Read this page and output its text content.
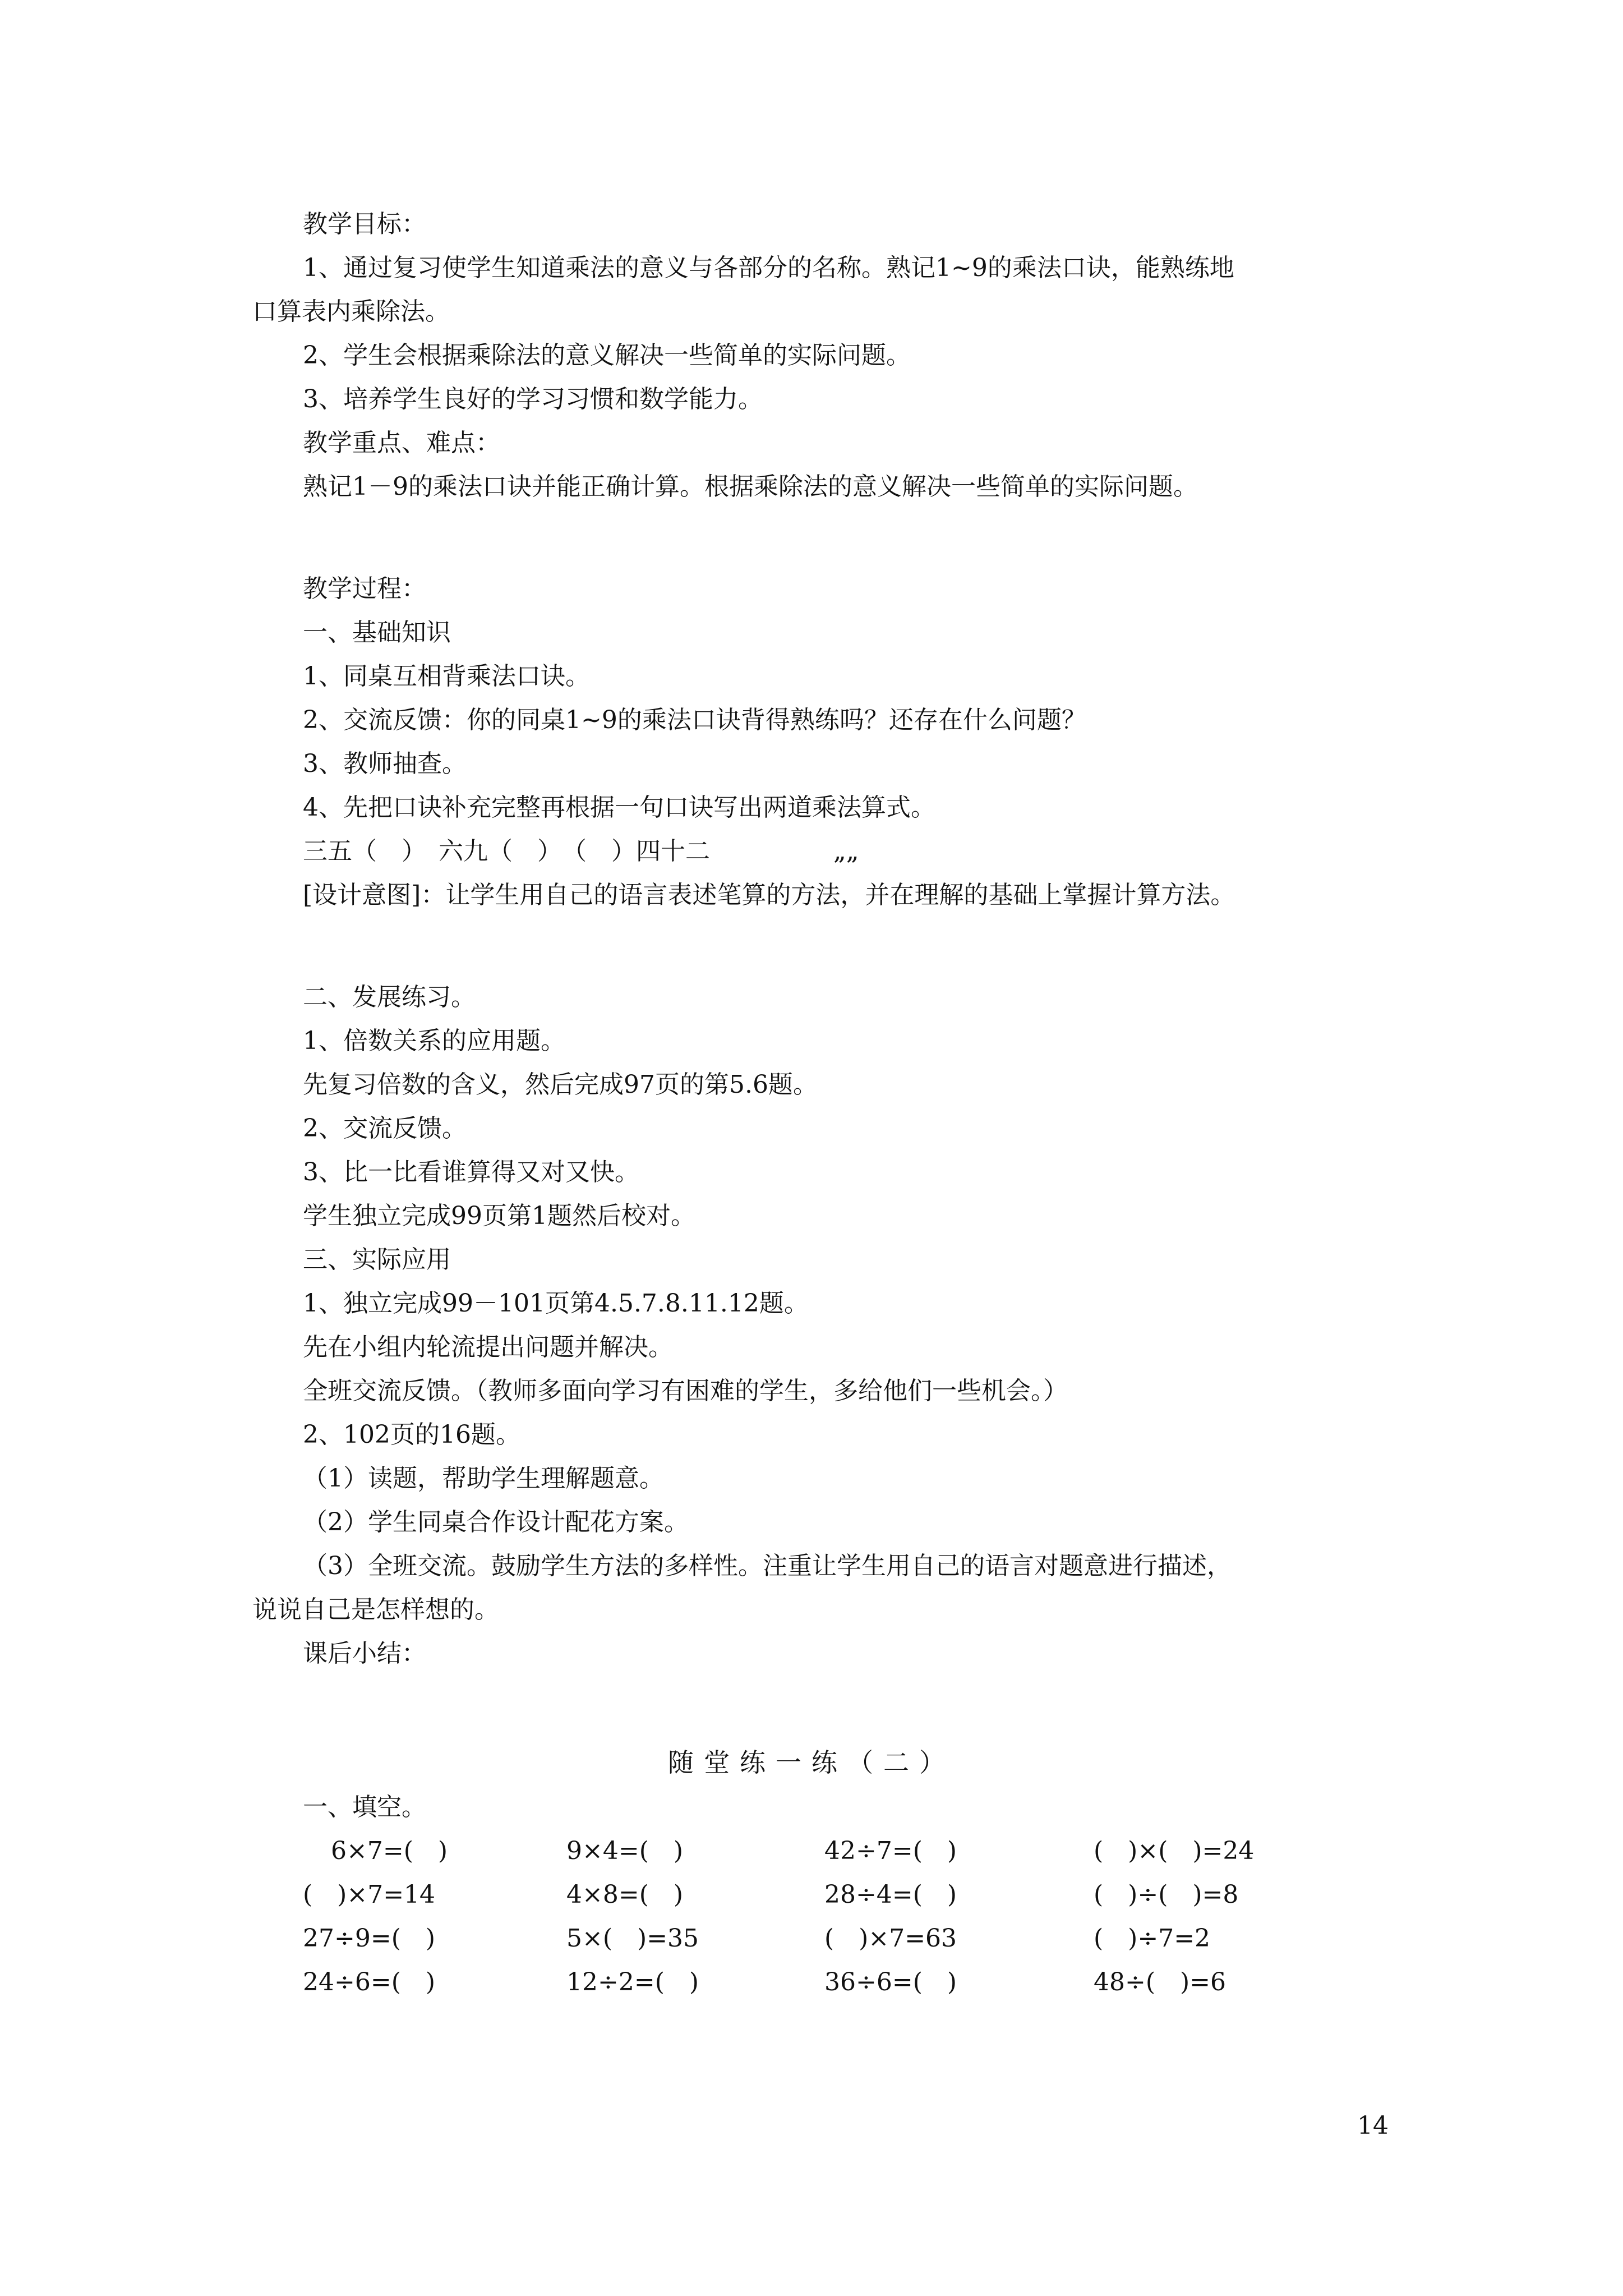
教学目标：
1、通过复习使学生知道乘法的意义与各部分的名称。熟记1~9的乘法口诀，能熟练地
口算表内乘除法。
2、学生会根据乘除法的意义解决一些简单的实际问题。
3、培养学生良好的学习习惯和数学能力。
教学重点、难点：
熟记1－9的乘法口诀并能正确计算。根据乘除法的意义解决一些简单的实际问题。
教学过程：
一、基础知识
1、同桌互相背乘法口诀。
2、交流反馈：你的同桌1~9的乘法口诀背得熟练吗？还存在什么问题？
3、教师抽查。
4、先把口诀补充完整再根据一句口诀写出两道乘法算式。
三五（　）　六九（　）　（　）四十二　　　　　„„
[设计意图]：让学生用自己的语言表述笔算的方法，并在理解的基础上掌握计算方法。
二、发展练习。
1、倍数关系的应用题。
先复习倍数的含义，然后完成97页的第5.6题。
2、交流反馈。
3、比一比看谁算得又对又快。
学生独立完成99页第1题然后校对。
三、实际应用
1、独立完成99－101页第4.5.7.8.11.12题。
先在小组内轮流提出问题并解决。
全班交流反馈。（教师多面向学习有困难的学生，多给他们一些机会。）
2、102页的16题。
（1）读题，帮助学生理解题意。
（2）学生同桌合作设计配花方案。
（3）全班交流。鼓励学生方法的多样性。注重让学生用自己的语言对题意进行描述，
说说自己是怎样想的。
课后小结：
随堂练一练（二）
一、填空。
6×7=(　)	9×4=(　)	42÷7=(　)	(　)×(　)=24
(　)×7=14	4×8=(　)	28÷4=(　)	(　)÷(　)=8
27÷9=(　)	5×(　)=35	(　)×7=63	(　)÷7=2
24÷6=(　)	12÷2=(　)	36÷6=(　)	48÷(　)=6
14
